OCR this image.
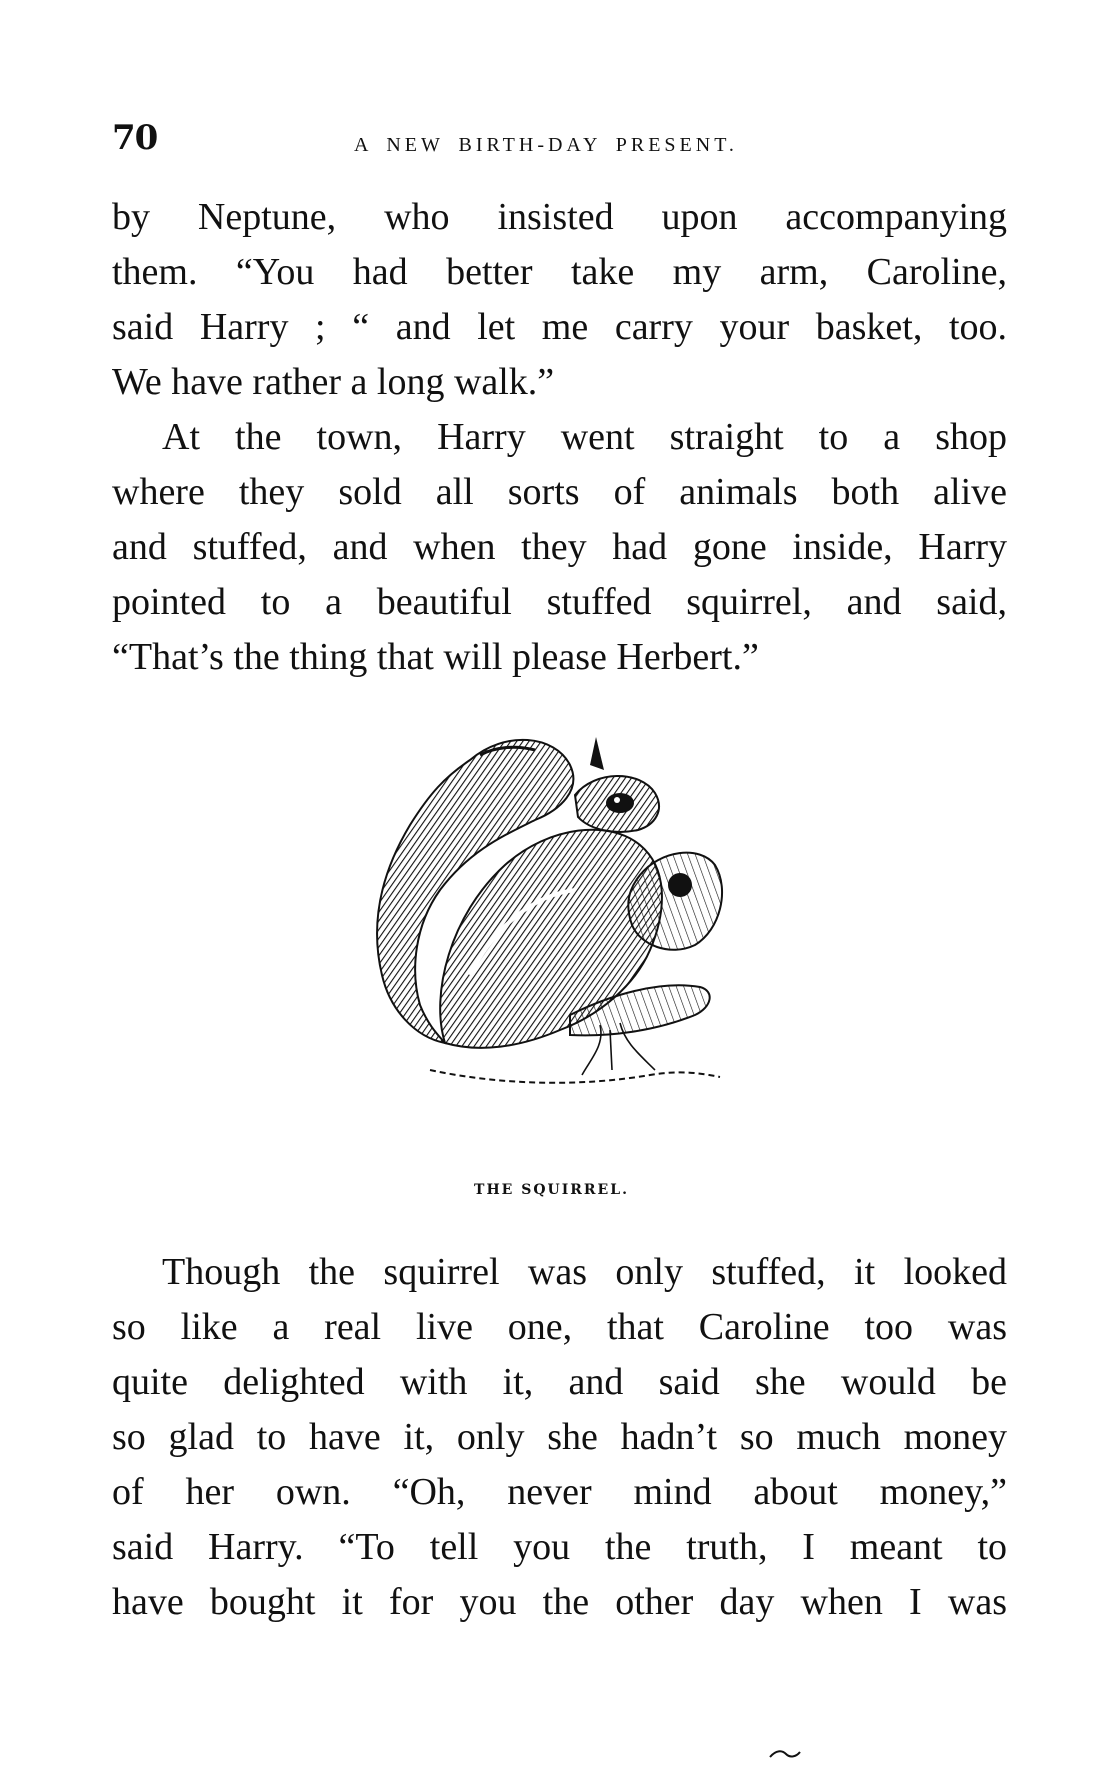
70	A NEW BIRTH-DAY PRESENT.

by Neptune, who insisted upon accompanying
them. “You had better take my arm, Caroline,
said Harry ; “ and let me carry your basket, too.
We have rather a long walk.”

At the town, Harry went straight to a shop
where they sold all sorts of animals both alive
and stuffed, and when they had gone inside, Harry
pointed to a beautiful stuffed squirrel, and said,
“That’s the thing that will please Herbert.”

THE SQUIRREL.

Though the squirrel was only stuffed, it looked
so like a real live one, that Caroline too was
quite delighted with it, and said she would be
so glad to have it, only she hadn’t so much money
of her own. “Oh, never mind about money,”
said Harry. “To tell you the truth, I meant to
have bought it for you the other day when I was
